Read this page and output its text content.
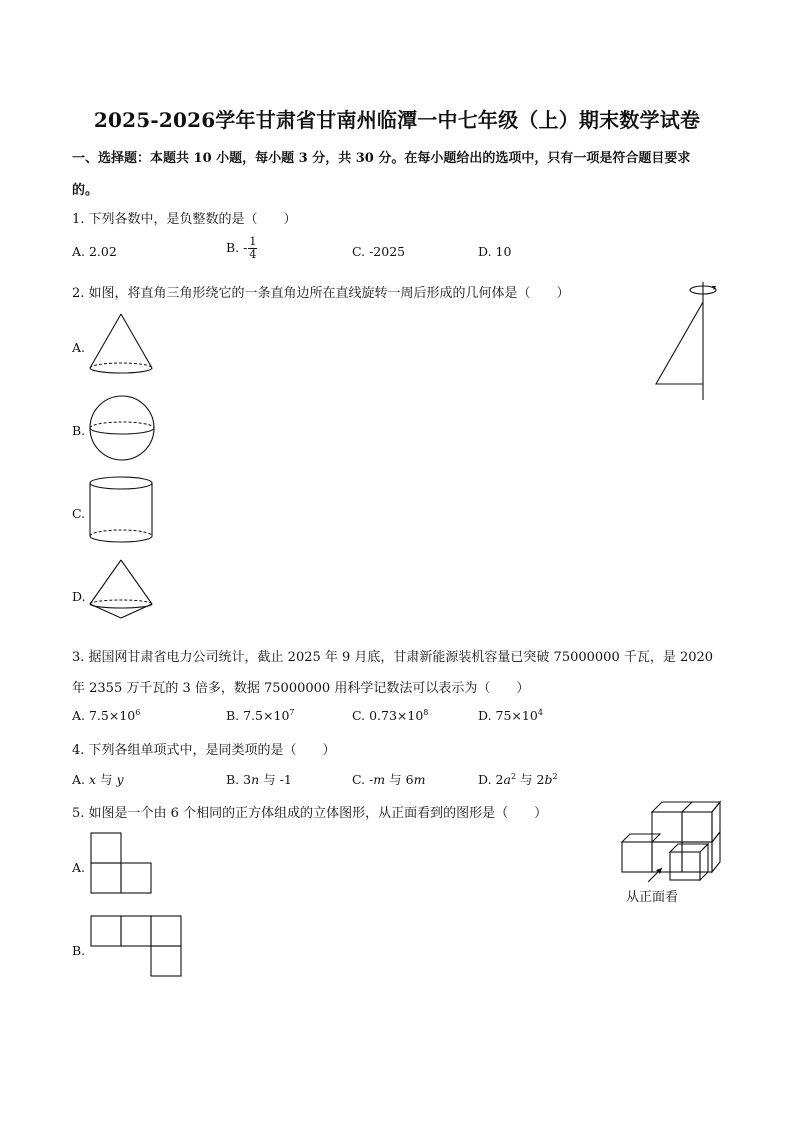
2025-2026学年甘肃省甘南州临潭一中七年级（上）期末数学试卷
一、选择题：本题共 10 小题，每小题 3 分，共 30 分。在每小题给出的选项中，只有一项是符合题目要求
的。
1. 下列各数中，是负整数的是（　　）
A. 2.02	B. - $\frac{1}{4}$	C. -2025	D. 10
2. 如图，将直角三角形绕它的一条直角边所在直线旋转一周后形成的几何体是（　　）
A.
B.
C.
D.
3. 据国网甘肃省电力公司统计，截止 2025 年 9 月底，甘肃新能源装机容量已突破 75000000 千瓦，是 2020
年 2355 万千瓦的 3 倍多，数据 75000000 用科学记数法可以表示为（　　）
A. $7.5\times 10^6$	B. $7.5\times 10^7$	C. $0.73\times 10^8$	D. $75\times 10^4$
4. 下列各组单项式中，是同类项的是（　　）
A. x 与 y	B. 3n 与 -1	C. -m 与 6m	D. $2a^2$ 与 $2b^2$
5. 如图是一个由 6 个相同的正方体组成的立体图形，从正面看到的图形是（　　）
从正面看
A.
B.
